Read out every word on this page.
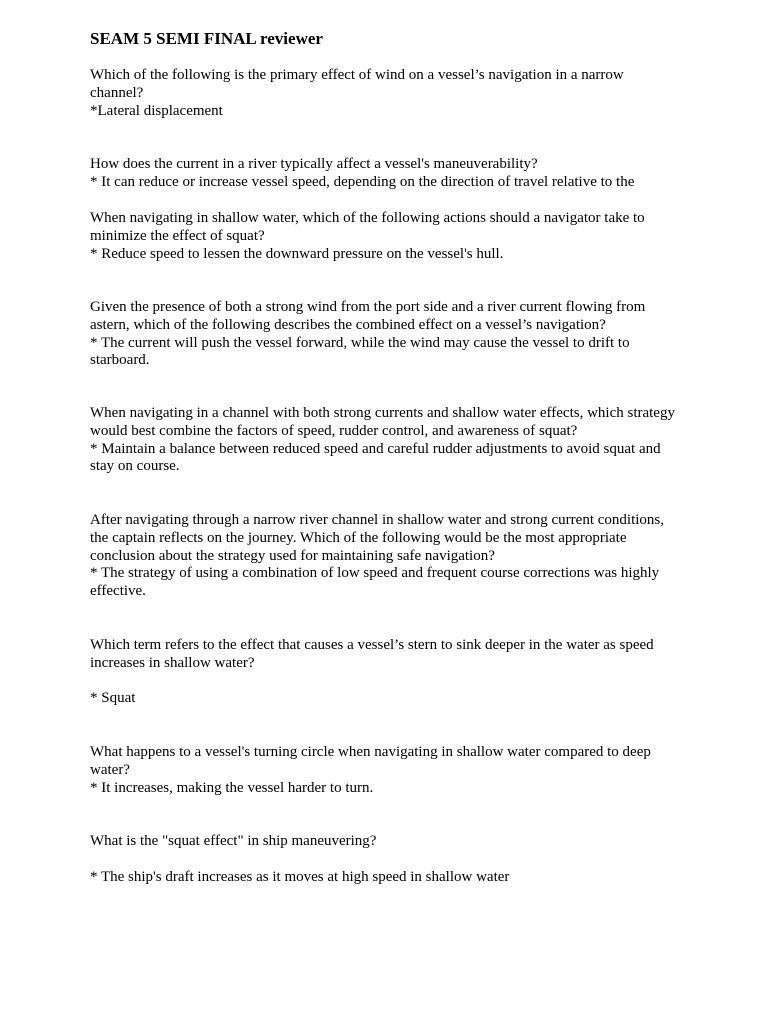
SEAM 5 SEMI FINAL reviewer

Which of the following is the primary effect of wind on a vessel’s navigation in a narrow channel?

*Lateral displacement

How does the current in a river typically affect a vessel's maneuverability?

* It can reduce or increase vessel speed, depending on the direction of travel relative to the

When navigating in shallow water, which of the following actions should a navigator take to minimize the effect of squat?

* Reduce speed to lessen the downward pressure on the vessel's hull.

Given the presence of both a strong wind from the port side and a river current flowing from astern, which of the following describes the combined effect on a vessel’s navigation?

* The current will push the vessel forward, while the wind may cause the vessel to drift to starboard.

When navigating in a channel with both strong currents and shallow water effects, which strategy would best combine the factors of speed, rudder control, and awareness of squat?

* Maintain a balance between reduced speed and careful rudder adjustments to avoid squat and stay on course.

After navigating through a narrow river channel in shallow water and strong current conditions, the captain reflects on the journey. Which of the following would be the most appropriate conclusion about the strategy used for maintaining safe navigation?

* The strategy of using a combination of low speed and frequent course corrections was highly effective.

Which term refers to the effect that causes a vessel’s stern to sink deeper in the water as speed increases in shallow water?

* Squat

What happens to a vessel's turning circle when navigating in shallow water compared to deep water?

* It increases, making the vessel harder to turn.

What is the "squat effect" in ship maneuvering?

* The ship's draft increases as it moves at high speed in shallow water
